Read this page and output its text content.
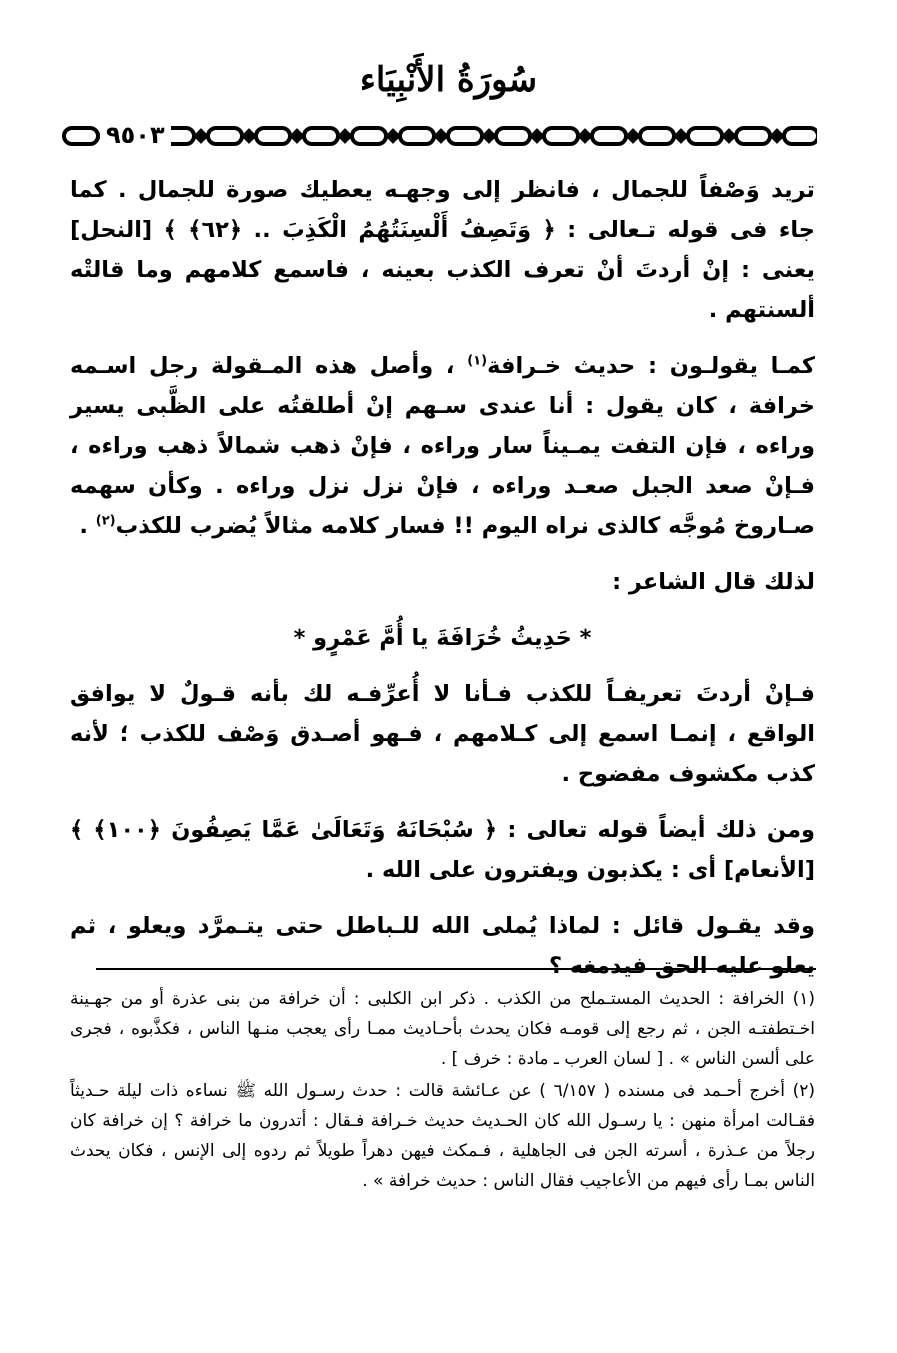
سُورَةُ الأَنْبِيَاء
٩٥٠٣

تريد وَصْفاً للجمال ، فانظر إلى وجهـه يعطيك صورة للجمال . كما جاء فى قوله تـعالى : ﴿ وَتَصِفُ أَلْسِنَتُهُمُ الْكَذِبَ .. ﴿٦٢﴾ ﴾ [النحل] يعنى : إنْ أردتَ أنْ تعرف الكذب بعينه ، فاسمع كلامهم وما قالتْه ألسنتهم .

كمـا يقولـون : حديث خـرافة$^{(١)}$ ، وأصل هذه المـقولة رجل اسـمه خرافة ، كان يقول : أنا عندى سـهم إنْ أطلقتُه على الظَّبى يسير وراءه ، فإن التفت يمـيناً سار وراءه ، فإنْ ذهب شمالاً ذهب وراءه ، فـإنْ صعد الجبل صعـد وراءه ، فإنْ نزل نزل وراءه . وكأن سهمه صـاروخ مُوجَّه كالذى نراه اليوم !! فسار كلامه مثالاً يُضرب للكذب$^{(٢)}$ .

لذلك قال الشاعر :

* حَدِيثُ خُرَافَةَ يا أُمَّ عَمْرٍو *

فـإنْ أردتَ تعريفـاً للكذب فـأنا لا أُعرِّفـه لك بأنه قـولٌ لا يوافق الواقع ، إنمـا اسمع إلى كـلامهم ، فـهو أصـدق وَصْف للكذب ؛ لأنه كذب مكشوف مفضوح .

ومن ذلك أيضاً قوله تعالى : ﴿ سُبْحَانَهُ وَتَعَالَىٰ عَمَّا يَصِفُونَ ﴿١٠٠﴾ ﴾ [الأنعام] أى : يكذبون ويفترون على الله .

وقد يقـول قائل : لماذا يُملى الله للـباطل حتى يتـمرَّد ويعلو ، ثم يعلو عليه الحق فيدمغه ؟

(١) الخرافة : الحديث المستـملح من الكذب . ذكر ابن الكلبى : أن خرافة من بنى عذرة أو من جهـينة اخـتطفتـه الجن ، ثم رجع إلى قومـه فكان يحدث بأحـاديث ممـا رأى يعجب منـها الناس ، فكذَّبوه ، فجرى على ألسن الناس » . [ لسان العرب ـ مادة : خرف ] .

(٢) أخرج أحـمد فى مسنده ( ٦/١٥٧ ) عن عـائشة قالت : حدث رسـول الله ﷺ نساءه ذات ليلة حـديثاً فقـالت امرأة منهن : يا رسـول الله كان الحـديث حديث خـرافة فـقال : أتدرون ما خرافة ؟ إن خرافة كان رجلاً من عـذرة ، أسرته الجن فى الجاهلية ، فـمكث فيهن دهراً طويلاً ثم ردوه إلى الإنس ، فكان يحدث الناس بمـا رأى فيهم من الأعاجيب فقال الناس : حديث خرافة » .
